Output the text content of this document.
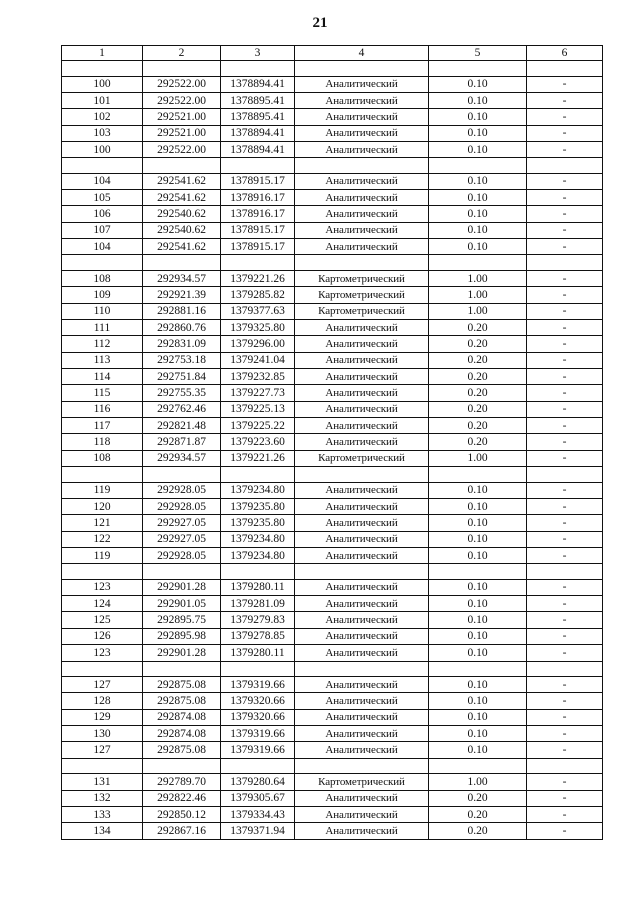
21
1	2	3	4	5	6

100	292522.00	1378894.41	Аналитический	0.10	-
101	292522.00	1378895.41	Аналитический	0.10	-
102	292521.00	1378895.41	Аналитический	0.10	-
103	292521.00	1378894.41	Аналитический	0.10	-
100	292522.00	1378894.41	Аналитический	0.10	-

104	292541.62	1378915.17	Аналитический	0.10	-
105	292541.62	1378916.17	Аналитический	0.10	-
106	292540.62	1378916.17	Аналитический	0.10	-
107	292540.62	1378915.17	Аналитический	0.10	-
104	292541.62	1378915.17	Аналитический	0.10	-

108	292934.57	1379221.26	Картометрический	1.00	-
109	292921.39	1379285.82	Картометрический	1.00	-
110	292881.16	1379377.63	Картометрический	1.00	-
111	292860.76	1379325.80	Аналитический	0.20	-
112	292831.09	1379296.00	Аналитический	0.20	-
113	292753.18	1379241.04	Аналитический	0.20	-
114	292751.84	1379232.85	Аналитический	0.20	-
115	292755.35	1379227.73	Аналитический	0.20	-
116	292762.46	1379225.13	Аналитический	0.20	-
117	292821.48	1379225.22	Аналитический	0.20	-
118	292871.87	1379223.60	Аналитический	0.20	-
108	292934.57	1379221.26	Картометрический	1.00	-

119	292928.05	1379234.80	Аналитический	0.10	-
120	292928.05	1379235.80	Аналитический	0.10	-
121	292927.05	1379235.80	Аналитический	0.10	-
122	292927.05	1379234.80	Аналитический	0.10	-
119	292928.05	1379234.80	Аналитический	0.10	-

123	292901.28	1379280.11	Аналитический	0.10	-
124	292901.05	1379281.09	Аналитический	0.10	-
125	292895.75	1379279.83	Аналитический	0.10	-
126	292895.98	1379278.85	Аналитический	0.10	-
123	292901.28	1379280.11	Аналитический	0.10	-

127	292875.08	1379319.66	Аналитический	0.10	-
128	292875.08	1379320.66	Аналитический	0.10	-
129	292874.08	1379320.66	Аналитический	0.10	-
130	292874.08	1379319.66	Аналитический	0.10	-
127	292875.08	1379319.66	Аналитический	0.10	-

131	292789.70	1379280.64	Картометрический	1.00	-
132	292822.46	1379305.67	Аналитический	0.20	-
133	292850.12	1379334.43	Аналитический	0.20	-
134	292867.16	1379371.94	Аналитический	0.20	-
